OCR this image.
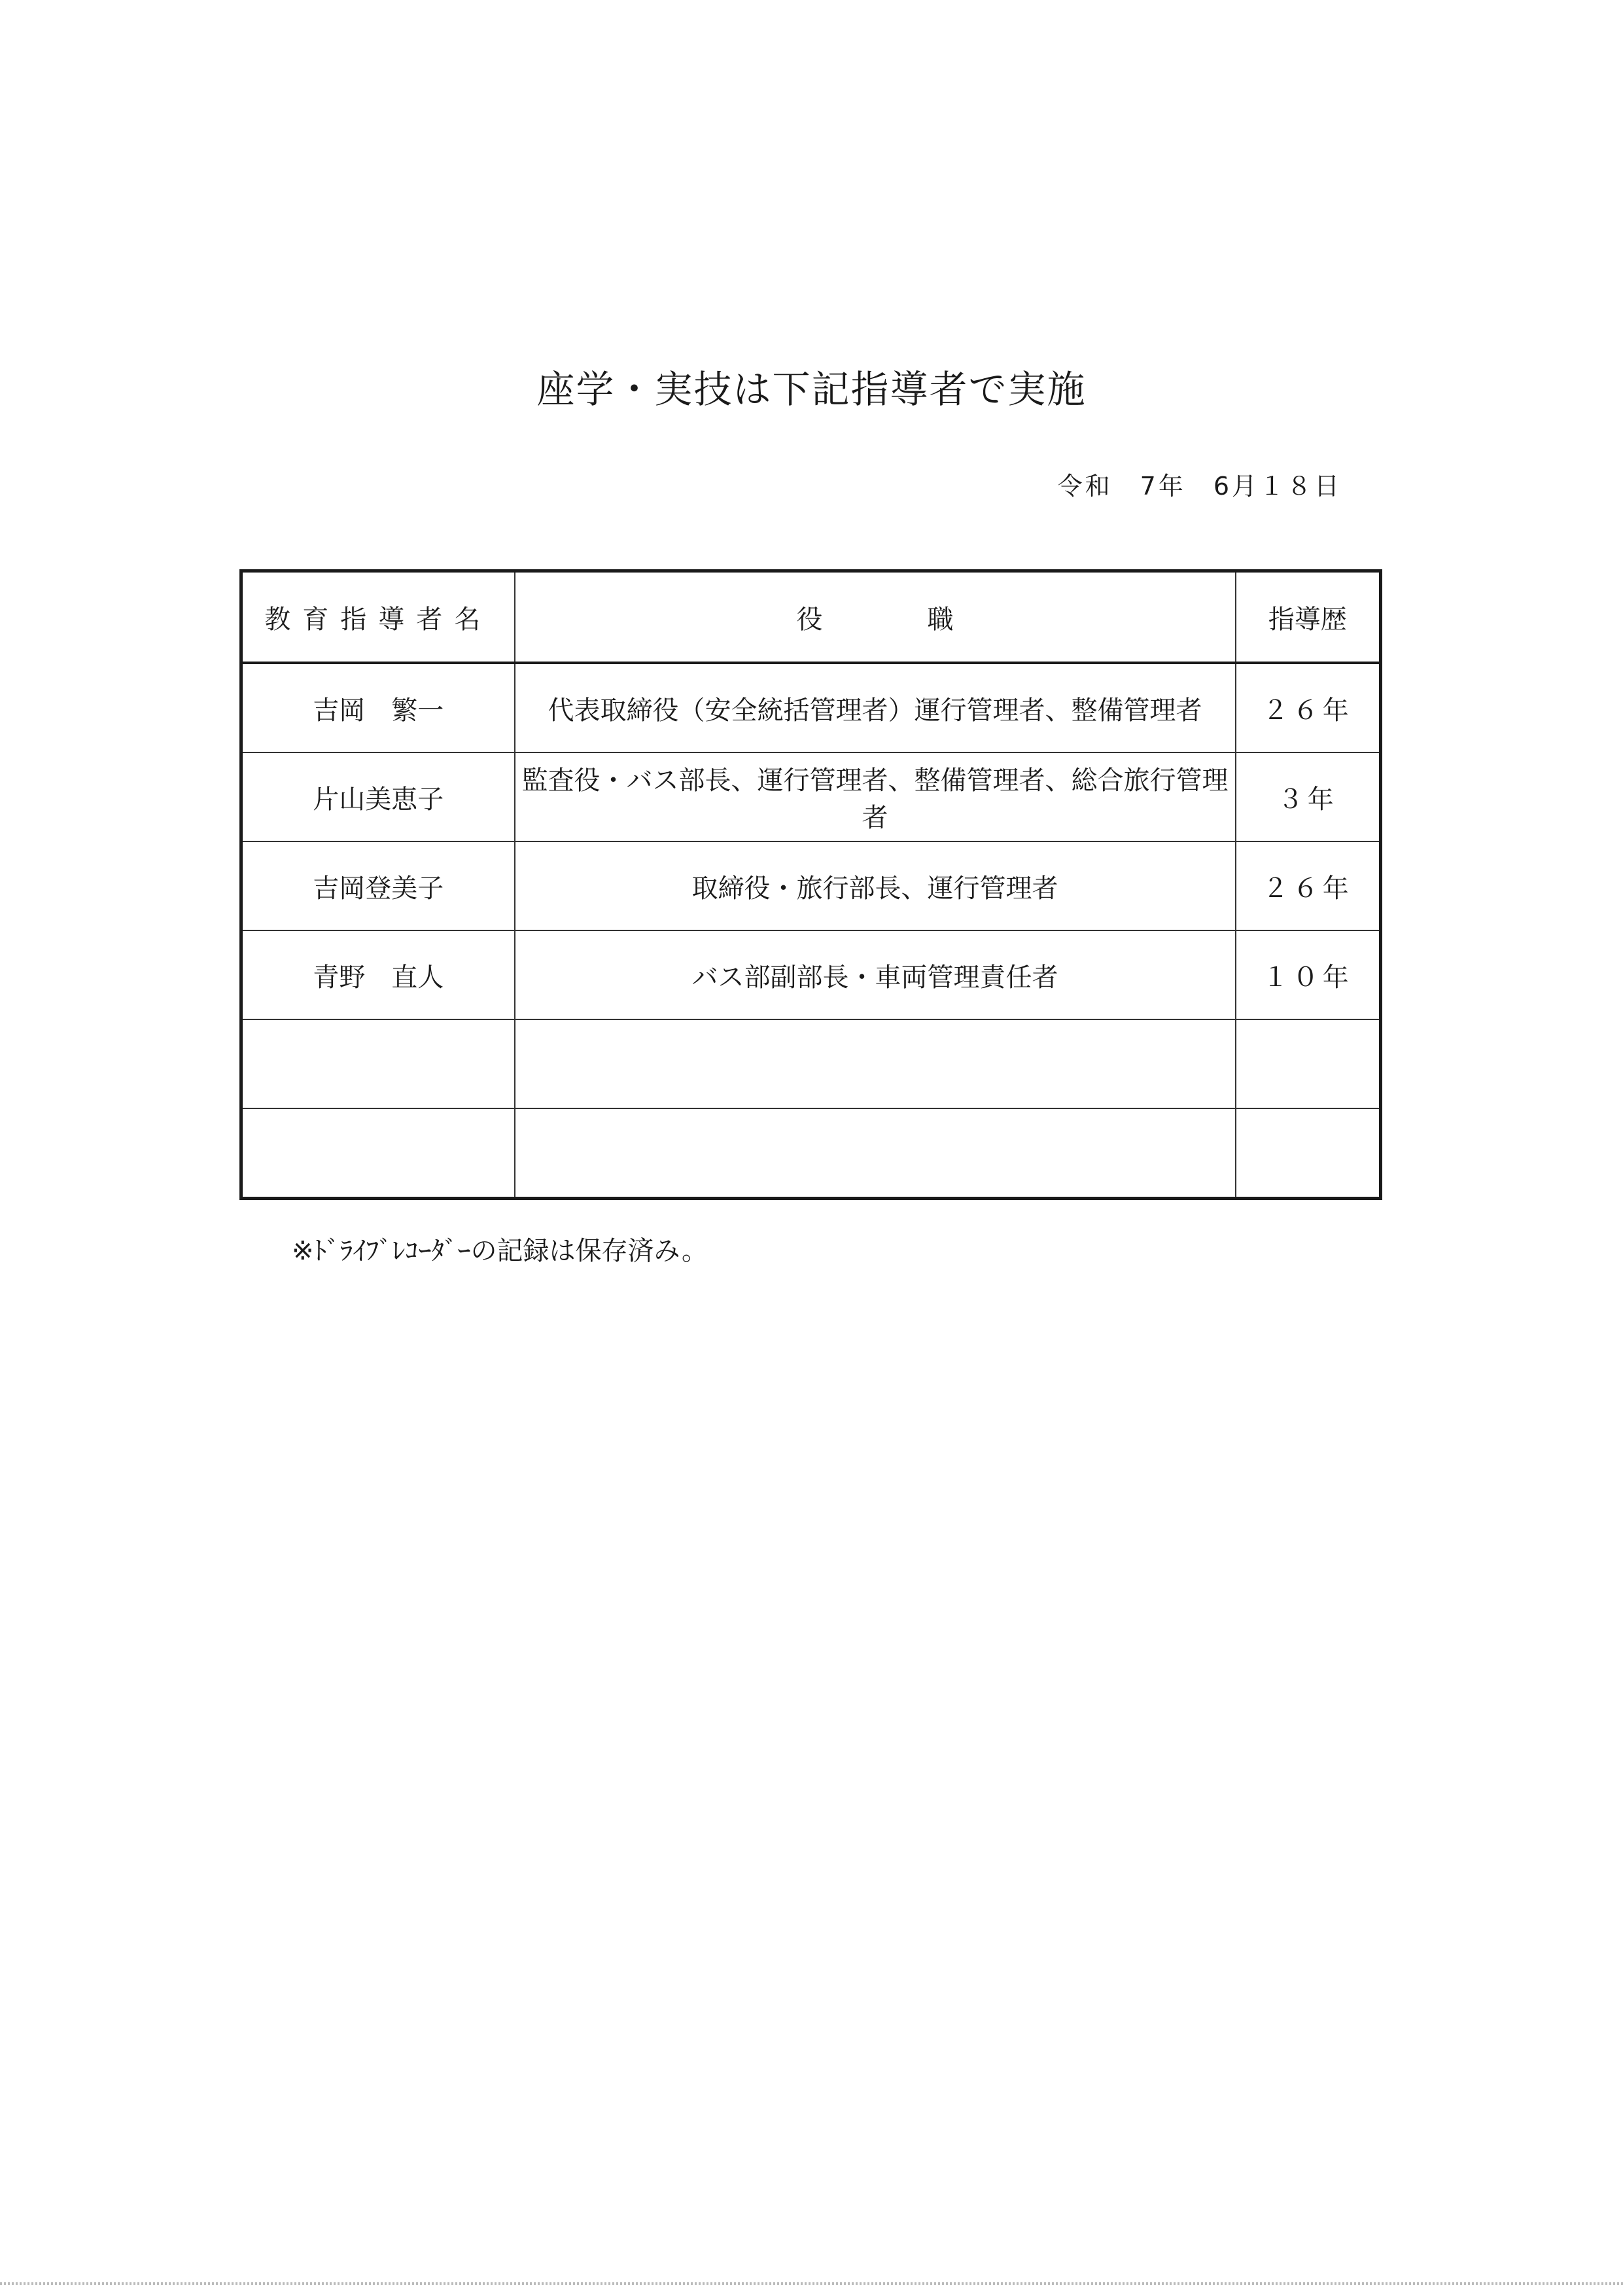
座学・実技は下記指導者で実施
令和　7年　6月１８日
教育指導者名	役　　　　職	指導歴
吉岡　繁一	代表取締役（安全統括管理者）運行管理者、整備管理者	２６年
片山美恵子	監査役・バス部長、運行管理者、整備管理者、総合旅行管理者	３年
吉岡登美子	取締役・旅行部長、運行管理者	２６年
青野　直人	バス部副部長・車両管理責任者	１０年

※ﾄﾞﾗｲﾌﾞﾚｺｰﾀﾞｰの記録は保存済み。
